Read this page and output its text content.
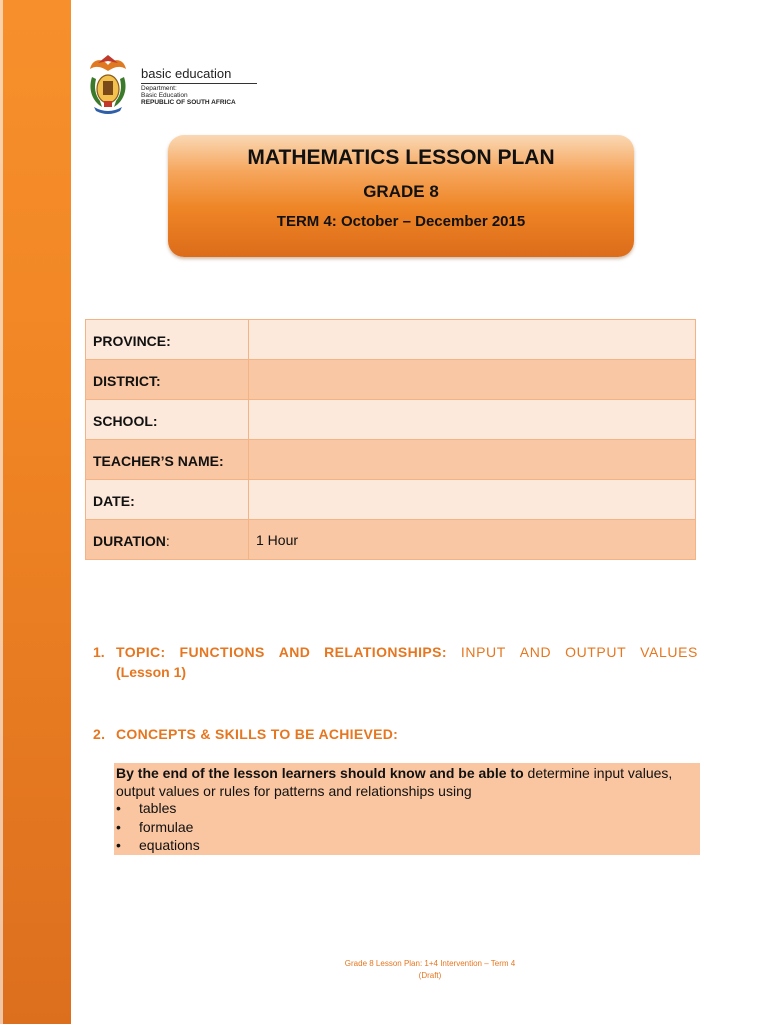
basic education
Department:
Basic Education
REPUBLIC OF SOUTH AFRICA
MATHEMATICS LESSON PLAN
GRADE 8
TERM 4: October – December 2015
PROVINCE:	
DISTRICT:	
SCHOOL:	
TEACHER’S NAME:	
DATE:	
DURATION:	1 Hour
1. TOPIC: FUNCTIONS AND RELATIONSHIPS: INPUT AND OUTPUT VALUES
(Lesson 1)
2. CONCEPTS & SKILLS TO BE ACHIEVED:
By the end of the lesson learners should know and be able to determine input values, output values or rules for patterns and relationships using
• tables
• formulae
• equations
Grade 8 Lesson Plan: 1+4 Intervention – Term 4
(Draft)
